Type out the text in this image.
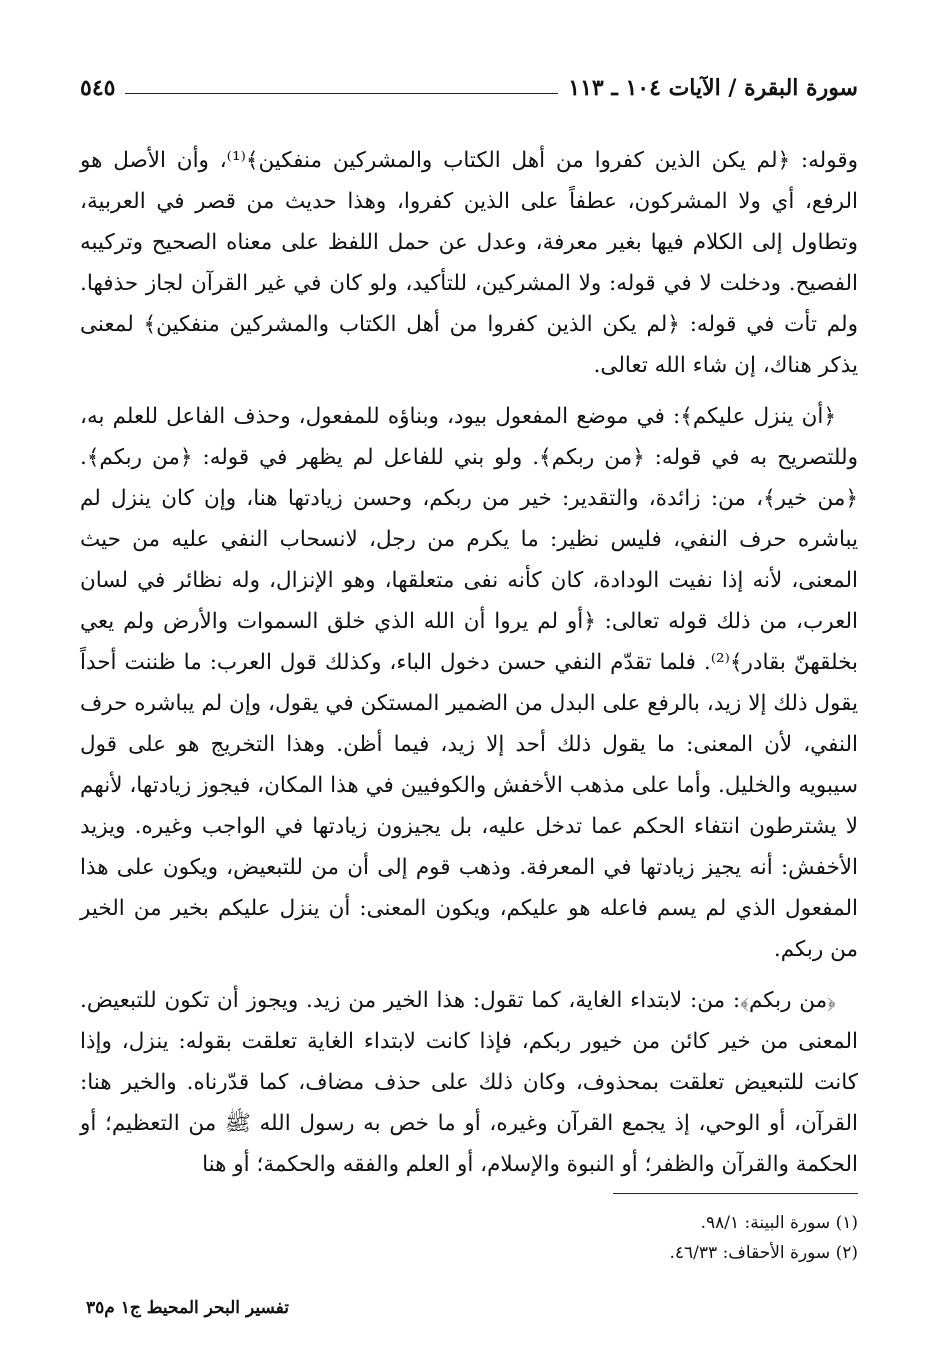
سورة البقرة / الآيات ١٠٤ ـ ١١٣
٥٤٥

وقوله: ﴿لم يكن الذين كفروا من أهل الكتاب والمشركين منفكين﴾⁽¹⁾، وأن الأصل هو الرفع، أي ولا المشركون، عطفاً على الذين كفروا، وهذا حديث من قصر في العربية، وتطاول إلى الكلام فيها بغير معرفة، وعدل عن حمل اللفظ على معناه الصحيح وتركيبه الفصيح. ودخلت لا في قوله: ولا المشركين، للتأكيد، ولو كان في غير القرآن لجاز حذفها. ولم تأت في قوله: ﴿لم يكن الذين كفروا من أهل الكتاب والمشركين منفكين﴾ لمعنى يذكر هناك، إن شاء الله تعالى.

﴿أن ينزل عليكم﴾: في موضع المفعول بيود، وبناؤه للمفعول، وحذف الفاعل للعلم به، وللتصريح به في قوله: ﴿من ربكم﴾. ولو بني للفاعل لم يظهر في قوله: ﴿من ربكم﴾. ﴿من خير﴾، من: زائدة، والتقدير: خير من ربكم، وحسن زيادتها هنا، وإن كان ينزل لم يباشره حرف النفي، فليس نظير: ما يكرم من رجل، لانسحاب النفي عليه من حيث المعنى، لأنه إذا نفيت الودادة، كان كأنه نفى متعلقها، وهو الإنزال، وله نظائر في لسان العرب، من ذلك قوله تعالى: ﴿أو لم يروا أن الله الذي خلق السموات والأرض ولم يعي بخلقهنّ بقادر﴾⁽²⁾. فلما تقدّم النفي حسن دخول الباء، وكذلك قول العرب: ما ظننت أحداً يقول ذلك إلا زيد، بالرفع على البدل من الضمير المستكن في يقول، وإن لم يباشره حرف النفي، لأن المعنى: ما يقول ذلك أحد إلا زيد، فيما أظن. وهذا التخريج هو على قول سيبويه والخليل. وأما على مذهب الأخفش والكوفيين في هذا المكان، فيجوز زيادتها، لأنهم لا يشترطون انتفاء الحكم عما تدخل عليه، بل يجيزون زيادتها في الواجب وغيره. ويزيد الأخفش: أنه يجيز زيادتها في المعرفة. وذهب قوم إلى أن من للتبعيض، ويكون على هذا المفعول الذي لم يسم فاعله هو عليكم، ويكون المعنى: أن ينزل عليكم بخير من الخير من ربكم.

﴿من ربكم﴾: من: لابتداء الغاية، كما تقول: هذا الخير من زيد. ويجوز أن تكون للتبعيض. المعنى من خير كائن من خيور ربكم، فإذا كانت لابتداء الغاية تعلقت بقوله: ينزل، وإذا كانت للتبعيض تعلقت بمحذوف، وكان ذلك على حذف مضاف، كما قدّرناه. والخير هنا: القرآن، أو الوحي، إذ يجمع القرآن وغيره، أو ما خص به رسول الله ﷺ من التعظيم؛ أو الحكمة والقرآن والظفر؛ أو النبوة والإسلام، أو العلم والفقه والحكمة؛ أو هنا

(١) سورة البينة: ٩٨/١.

(٢) سورة الأحقاف: ٤٦/٣٣.

تفسير البحر المحيط ج١ م٣٥
